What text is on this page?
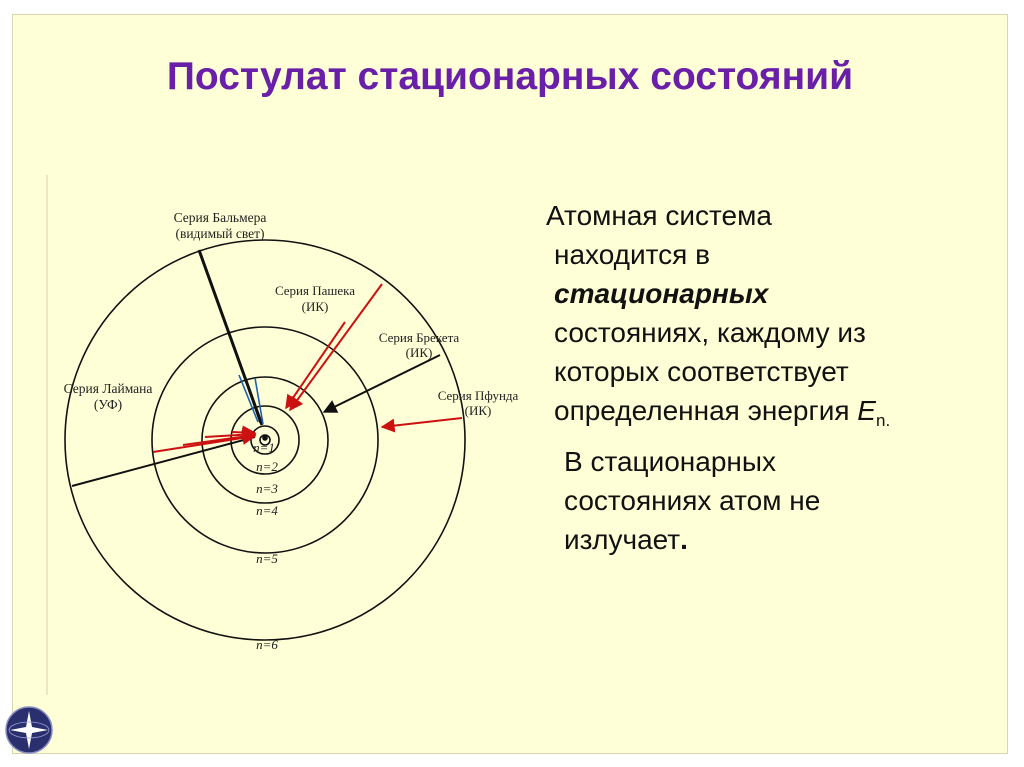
Постулат стационарных состояний
Серия Бальмера
(видимый свет)
Серия Пашека
(ИК)
Серия Брекета
(ИК)
Серия Пфунда
(ИК)
Серия Лаймана
(УФ)
n=1
n=2
n=3
n=4
n=5
n=6

Атомная система
находится в
стационарных
состояниях, каждому из
которых соответствует
определенная энергия $E_{n.}$

В стационарных
состояниях атом не
излучает.
